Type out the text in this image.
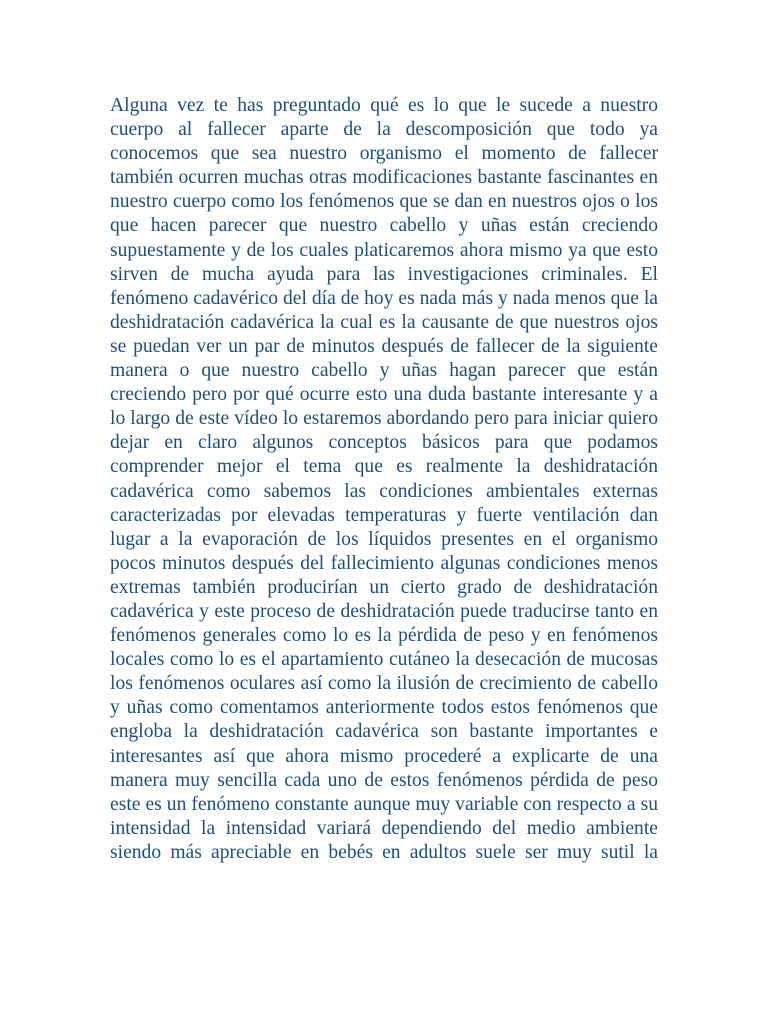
Alguna vez te has preguntado qué es lo que le sucede a nuestro cuerpo al fallecer aparte de la descomposición que todo ya conocemos que sea nuestro organismo el momento de fallecer también ocurren muchas otras modificaciones bastante fascinantes en nuestro cuerpo como los fenómenos que se dan en nuestros ojos o los que hacen parecer que nuestro cabello y uñas están creciendo supuestamente y de los cuales platicaremos ahora mismo ya que esto sirven de mucha ayuda para las investigaciones criminales. El fenómeno cadavérico del día de hoy es nada más y nada menos que la deshidratación cadavérica la cual es la causante de que nuestros ojos se puedan ver un par de minutos después de fallecer de la siguiente manera o que nuestro cabello y uñas hagan parecer que están creciendo pero por qué ocurre esto una duda bastante interesante y a lo largo de este vídeo lo estaremos abordando pero para iniciar quiero dejar en claro algunos conceptos básicos para que podamos comprender mejor el tema que es realmente la deshidratación cadavérica como sabemos las condiciones ambientales externas caracterizadas por elevadas temperaturas y fuerte ventilación dan lugar a la evaporación de los líquidos presentes en el organismo pocos minutos después del fallecimiento algunas condiciones menos extremas también producirían un cierto grado de deshidratación cadavérica y este proceso de deshidratación puede traducirse tanto en fenómenos generales como lo es la pérdida de peso y en fenómenos locales como lo es el apartamiento cutáneo la desecación de mucosas los fenómenos oculares así como la ilusión de crecimiento de cabello y uñas como comentamos anteriormente todos estos fenómenos que engloba la deshidratación cadavérica son bastante importantes e interesantes así que ahora mismo procederé a explicarte de una manera muy sencilla cada uno de estos fenómenos pérdida de peso este es un fenómeno constante aunque muy variable con respecto a su intensidad la intensidad variará dependiendo del medio ambiente siendo más apreciable en bebés en adultos suele ser muy sutil la
